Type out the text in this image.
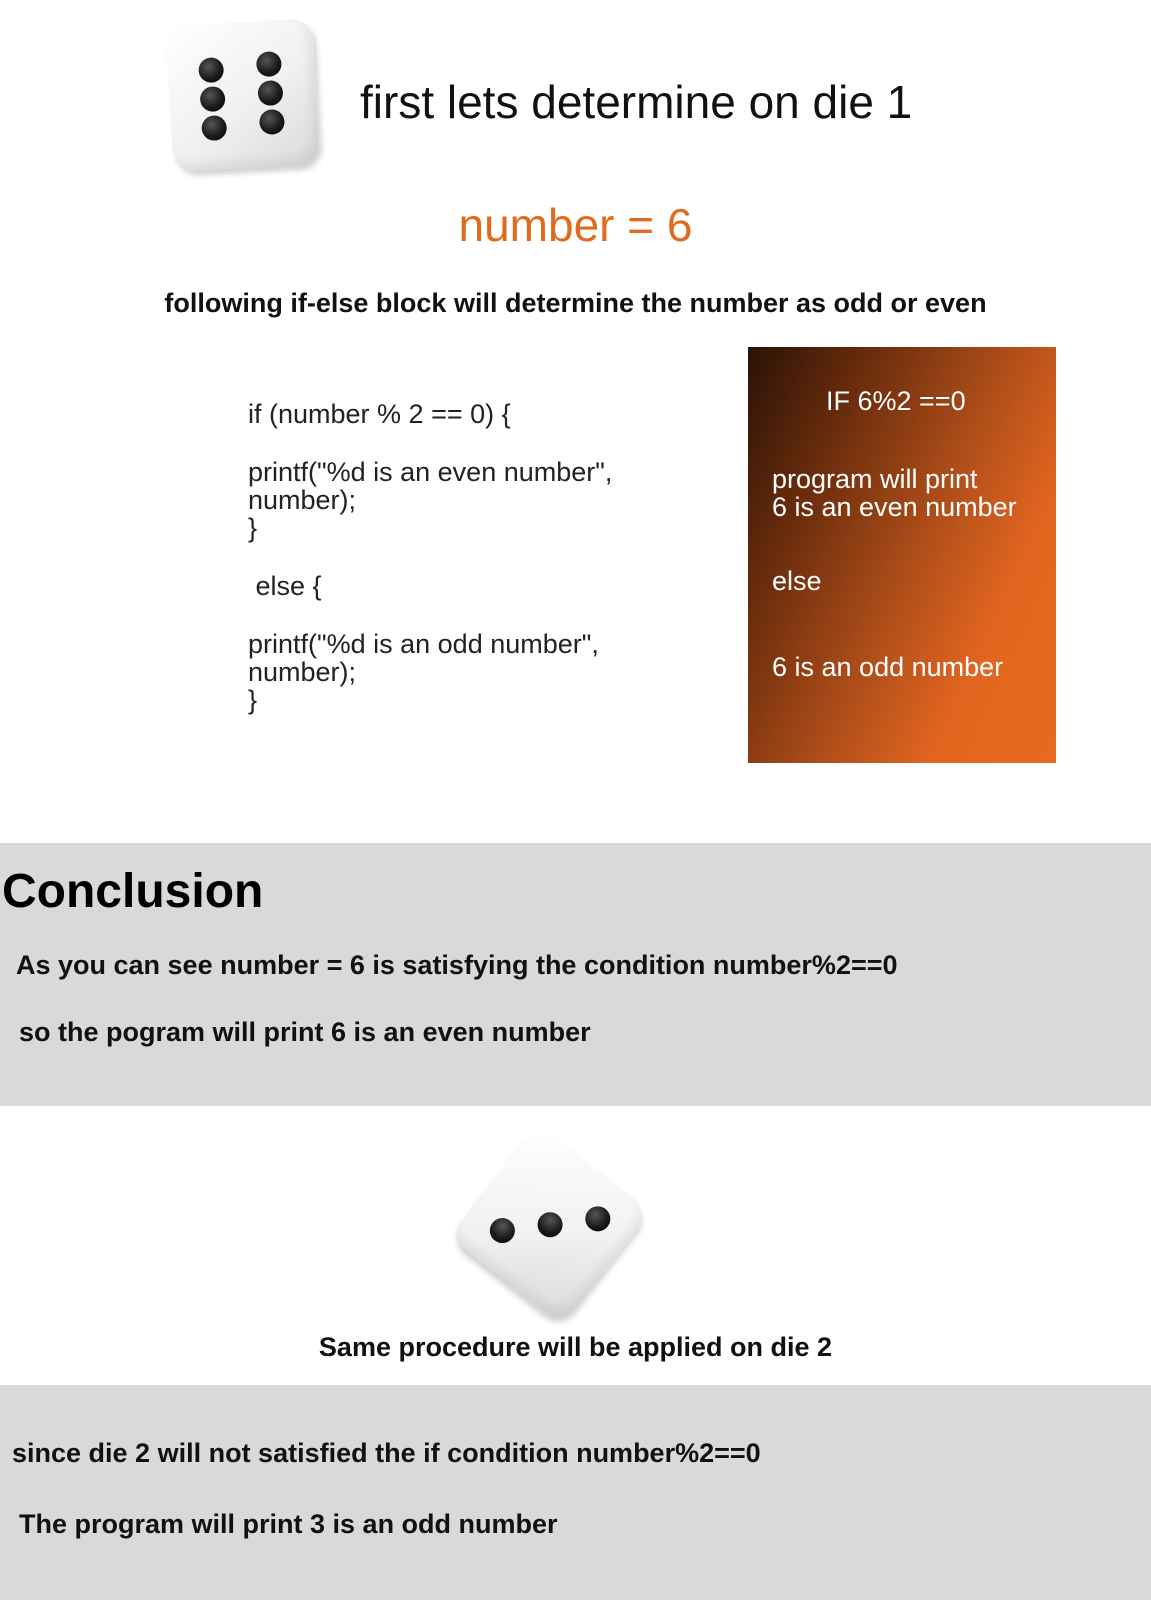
first lets determine on die 1
number = 6
following if-else block will determine the number as odd or even
if (number % 2 == 0) {
printf("%d is an even number",
number);
}
else {
printf("%d is an odd number",
number);
}
IF 6%2 ==0
program will print
6 is an even number
else
6 is an odd number
Conclusion
As you can see number = 6 is satisfying the condition number%2==0
so the pogram will print 6 is an even number
Same procedure will be applied on die 2
since die 2 will not satisfied the if condition number%2==0
The program will print 3 is an odd number
